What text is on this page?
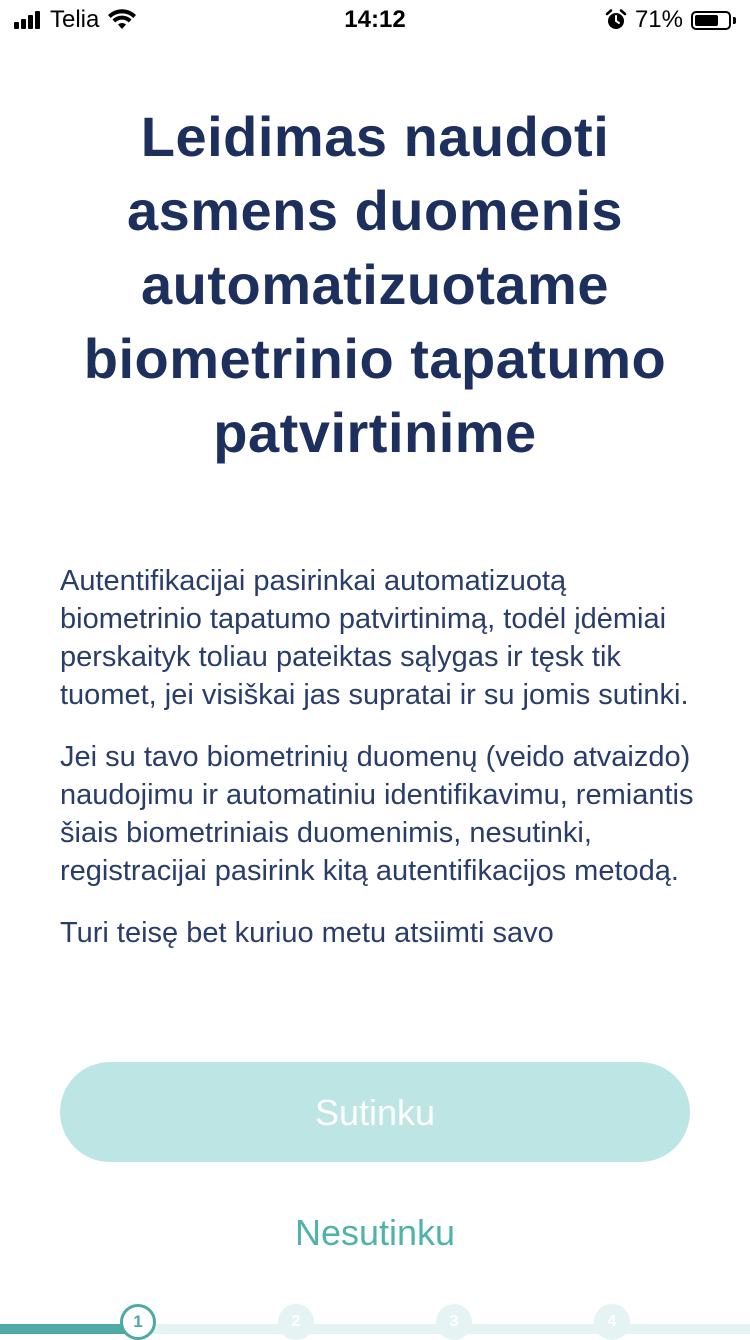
Telia	14:12	71%
Leidimas naudoti asmens duomenis automatizuotame biometrinio tapatumo patvirtinime

Autentifikacijai pasirinkai automatizuotą biometrinio tapatumo patvirtinimą, todėl įdėmiai perskaityk toliau pateiktas sąlygas ir tęsk tik tuomet, jei visiškai jas supratai ir su jomis sutinki.

Jei su tavo biometrinių duomenų (veido atvaizdo) naudojimu ir automatiniu identifikavimu, remiantis šiais biometriniais duomenimis, nesutinki, registracijai pasirink kitą autentifikacijos metodą.

Turi teisę bet kuriuo metu atsiimti savo

Sutinku
Nesutinku
1	2	3	4
